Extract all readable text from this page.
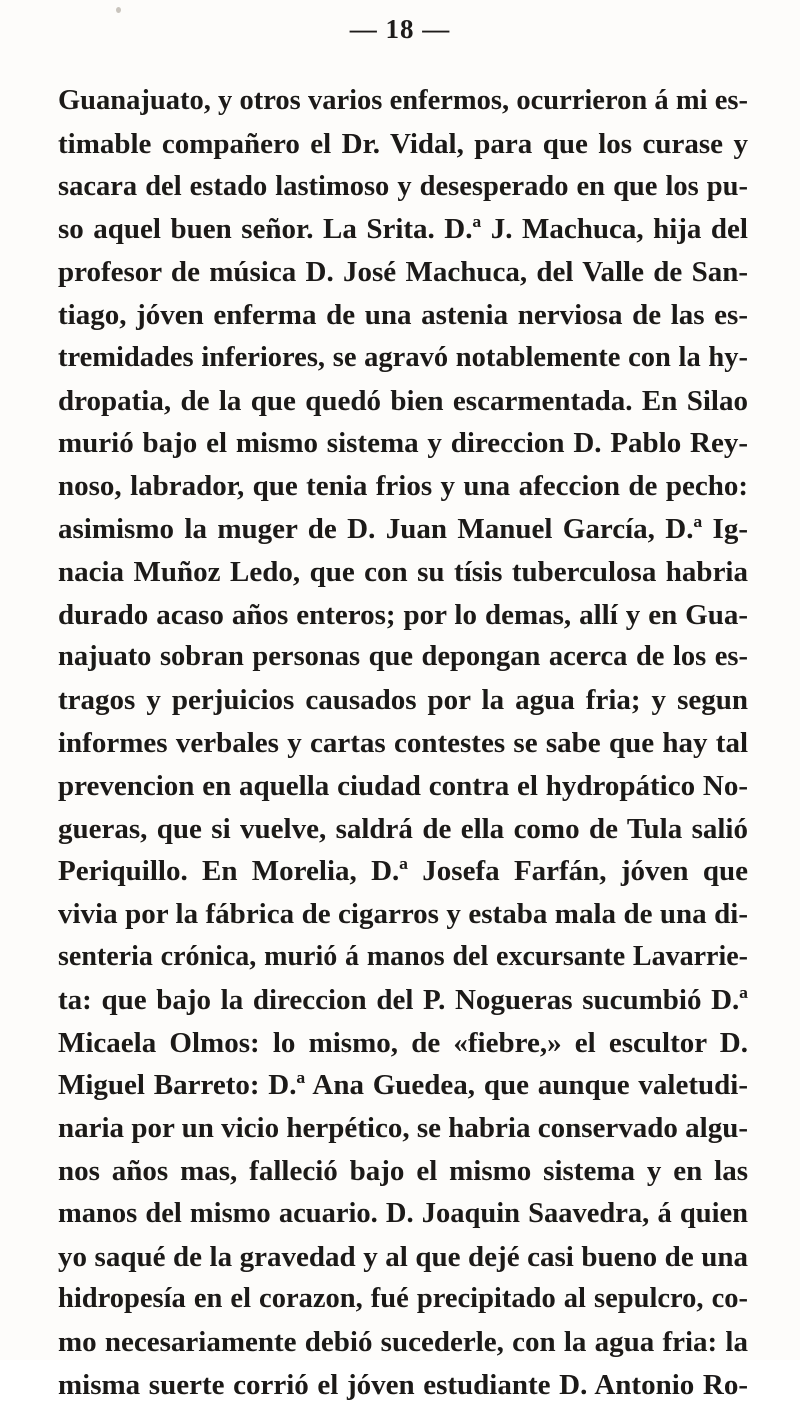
— 18 —
Guanajuato, y otros varios enfermos, ocurrieron á mi es-
timable compañero el Dr. Vidal, para que los curase y
sacara del estado lastimoso y desesperado en que los pu-
so aquel buen señor. La Srita. D.ª J. Machuca, hija del
profesor de música D. José Machuca, del Valle de San-
tiago, jóven enferma de una astenia nerviosa de las es-
tremidades inferiores, se agravó notablemente con la hy-
dropatia, de la que quedó bien escarmentada. En Silao
murió bajo el mismo sistema y direccion D. Pablo Rey-
noso, labrador, que tenia frios y una afeccion de pecho:
asimismo la muger de D. Juan Manuel García, D.ª Ig-
nacia Muñoz Ledo, que con su tísis tuberculosa habria
durado acaso años enteros; por lo demas, allí y en Gua-
najuato sobran personas que depongan acerca de los es-
tragos y perjuicios causados por la agua fria; y segun
informes verbales y cartas contestes se sabe que hay tal
prevencion en aquella ciudad contra el hydropático No-
gueras, que si vuelve, saldrá de ella como de Tula salió
Periquillo. En Morelia, D.ª Josefa Farfán, jóven que
vivia por la fábrica de cigarros y estaba mala de una di-
senteria crónica, murió á manos del excursante Lavarrie-
ta: que bajo la direccion del P. Nogueras sucumbió D.ª
Micaela Olmos: lo mismo, de «fiebre,» el escultor D.
Miguel Barreto: D.ª Ana Guedea, que aunque valetudi-
naria por un vicio herpético, se habria conservado algu-
nos años mas, falleció bajo el mismo sistema y en las
manos del mismo acuario. D. Joaquin Saavedra, á quien
yo saqué de la gravedad y al que dejé casi bueno de una
hidropesía en el corazon, fué precipitado al sepulcro, co-
mo necesariamente debió sucederle, con la agua fria: la
misma suerte corrió el jóven estudiante D. Antonio Ro-
